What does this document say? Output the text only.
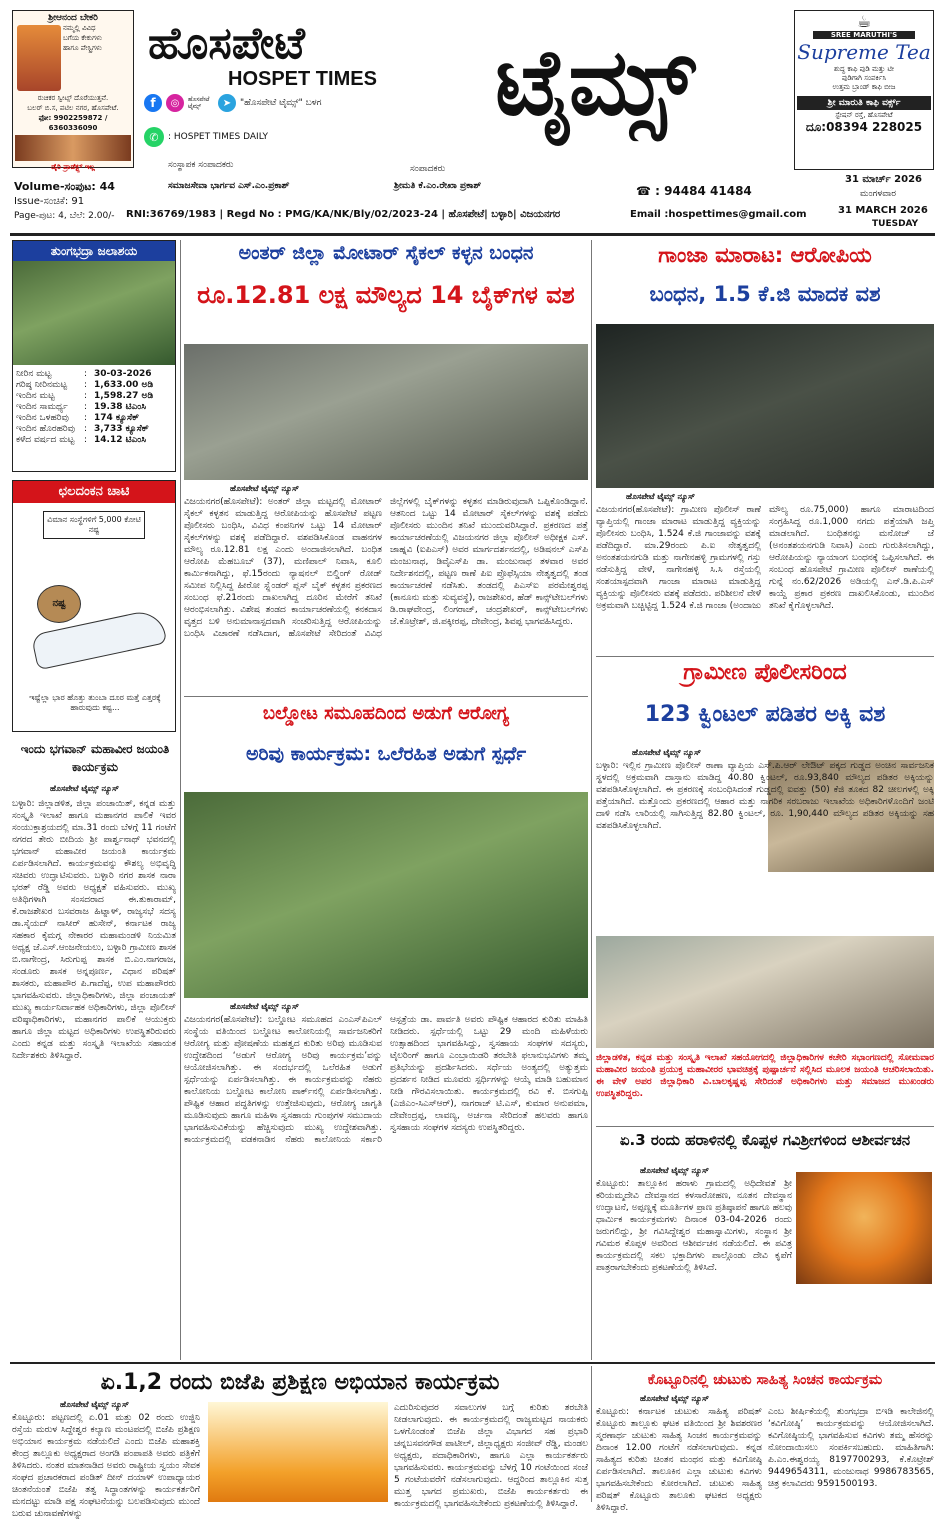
ಶ್ರೀಆನಂದ ಬೇಕರಿ
ನಮ್ಮಲ್ಲಿ ವಿವಿಧ
ಬಗೆಯ ಕೇಕುಗಳು
ಹಾಗೂ ಪೇಸ್ಟ್ರಿಗಳು
ರುಚಿಕರ ಸ್ವೀಟ್ಸ್ ದೊರೆಯುತ್ತವೆ.
ಬಲರ್‌ ಬಿ.ಸ, ಪಟಿಲ ನಗರ, ಹೊಸಪೇಟೆ.
ಫೋ: 9902259872 / 6360336090
ಡೈರಿ ಪ್ರಾಡೆಕ್ಟ್ಸ್ ಇಲ್ಲ
ಹೊಸಪೇಟೆ
HOSPET TIMES	ಟೈಮ್ಸ್
f	◎	ಹೊಸಪೇಟೆ ಟೈಮ್ಸ್	➤ "ಹೊಸಪೇಟೆ ಟೈಮ್ಸ್" ಬಳಗ
✆	: HOSPET TIMES DAILY
ಸಂಸ್ಥಾಪಕ ಸಂಪಾದಕರು
ಸಮಾಜಸೇವಾ ಭಾರ್ಗವ ಎಸ್.ಎಂ.ಪ್ರಕಾಶ್
ಸಂಪಾದಕರು
ಶ್ರೀಮತಿ ಕೆ.ಎಂ.ರೇಖಾ ಪ್ರಕಾಶ್	☎ : 94484 41484
☕
SREE MARUTHI'S
Supreme Tea
ಶುದ್ಧ ಕಾಫಿ ಪುಡಿ ಮತ್ತು ಟೀ
ಪುಡಿಗಾಗಿ ಸಂಪರ್ಕಿಸಿ
ಉತ್ತಮ ಬ್ರಾಂಡ್ ಕಾಫಿ ಬೀಜ
ಶ್ರೀ ಮಾರುತಿ ಕಾಫಿ ವರ್ಕ್ಸ್
ಸ್ಟೇಷನ್ ರಸ್ತೆ, ಹೊಸಪೇಟೆ
ದೂ:08394 228025
Volume-ಸಂಪುಟ: 44
Issue-ಸಂಚಿಕೆ: 91
Page-ಪುಟ: 4, ಬೆಲೆ: 2.00/- RNI:36769/1983 | Regd No : PMG/KA/NK/Bly/02/2023-24 | ಹೊಸಪೇಟೆ| ಬಳ್ಳಾರಿ| ವಿಜಯನಗರ	Email :hospettimes@gmail.com
31 ಮಾರ್ಚ್ 2026
ಮಂಗಳವಾರ
31 MARCH 2026
TUESDAY
ತುಂಗಭದ್ರಾ ಜಲಾಶಯ
ನೀರಿನ ಮಟ್ಟ	: 30-03-2026
ಗರಿಷ್ಠ ನೀರಿನಮಟ್ಟ	: 1,633.00 ಅಡಿ
ಇಂದಿನ ಮಟ್ಟ	: 1,598.27 ಅಡಿ
ಇಂದಿನ ಸಾಮರ್ಥ್ಯ	: 19.38 ಟಿಎಂಸಿ
ಇಂದಿನ ಒಳಹರಿವು	: 174 ಕ್ಯೂಸೆಕ್
ಇಂದಿನ ಹೊರಹರಿವು	: 3,733 ಕ್ಯೂಸೆಕ್
ಕಳೆದ ವರ್ಷದ ಮಟ್ಟ	: 14.12 ಟಿಎಂಸಿ
ಛಲದಂಕನ ಚಾಟಿ
ವಿಮಾನ ಸಂಸ್ಥೆಗಳಿಗೆ 5,000 ಕೋಟಿ ನಷ್ಟ
ನಷ್ಟ
ಇಷ್ಟೆಲ್ಲಾ ಭಾರ ಹೊತ್ತು ತುಂಬಾ ದೂರ ಮತ್ತೆ ಎತ್ತರಕ್ಕೆ ಹಾರುವುದು ಕಷ್ಟ...
ಇಂದು ಭಗವಾನ್ ಮಹಾವೀರ ಜಯಂತಿ ಕಾರ್ಯಕ್ರಮ
ಹೊಸಪೇಟೆ ಟೈಮ್ಸ್ ನ್ಯೂಸ್
ಬಳ್ಳಾರಿ: ಜಿಲ್ಲಾಡಳಿತ, ಜಿಲ್ಲಾ ಪಂಚಾಯಿತ್, ಕನ್ನಡ ಮತ್ತು ಸಂಸ್ಕೃತಿ ಇಲಾಖೆ ಹಾಗೂ ಮಹಾನಗರ ಪಾಲಿಕೆ ಇವರ ಸಂಯುಕ್ತಾಶ್ರಯದಲ್ಲಿ ಮಾ.31 ರಂದು ಬೆಳಗ್ಗೆ 11 ಗಂಟೆಗೆ ನಗರದ ತೇರು ಬೀದಿಯ ಶ್ರೀ ಪಾರ್ಶ್ವನಾಥ್ ಭವನದಲ್ಲಿ ಭಗವಾನ್ ಮಹಾವೀರ ಜಯಂತಿ ಕಾರ್ಯಕ್ರಮ ಏರ್ಪಡಿಸಲಾಗಿದೆ. ಕಾರ್ಯಕ್ರಮವನ್ನು ಕೌಶಲ್ಯ ಅಭಿವೃದ್ಧಿ ಸಚಿವರು ಉದ್ಘಾಟಿಸುವರು. ಬಳ್ಳಾರಿ ನಗರ ಶಾಸಕ ನಾರಾ ಭರತ್ ರೆಡ್ಡಿ ಅವರು ಅಧ್ಯಕ್ಷತೆ ವಹಿಸುವರು. ಮುಖ್ಯ ಅತಿಥಿಗಳಾಗಿ ಸಂಸದರಾದ ಈ.ತುಕಾರಾಮ್, ಕೆ.ರಾಜಶೇಖರ ಬಸವರಾಜ ಹಿಟ್ನಾಳ್, ರಾಜ್ಯಸಭೆ ಸದಸ್ಯ ಡಾ.ಸೈಯದ್ ನಾಸೀರ್ ಹುಸೇನ್, ಕರ್ನಾಟಕ ರಾಜ್ಯ ಸಹಕಾರ ಕೈಮಗ್ಗ ನೇಕಾರರ ಮಹಾಮಂಡಳಿ ನಿಯಮಿತ ಅಧ್ಯಕ್ಷ ಜೆ.ಎಸ್.ಆಂಜನೇಯಲು, ಬಳ್ಳಾರಿ ಗ್ರಾಮೀಣ ಶಾಸಕ ಬಿ.ನಾಗೇಂದ್ರ, ಸಿರುಗುಪ್ಪ ಶಾಸಕ ಬಿ.ಎಂ.ನಾಗರಾಜ, ಸಂಡೂರು ಶಾಸಕ ಅನ್ನಪೂರ್ಣ, ವಿಧಾನ ಪರಿಷತ್ ಶಾಸಕರು, ಮಹಾಪೌರ ಪಿ.ಗಾದೆಪ್ಪ, ಉಪ ಮಹಾಪೌರರು ಭಾಗವಹಿಸುವರು. ಜಿಲ್ಲಾಧಿಕಾರಿಗಳು, ಜಿಲ್ಲಾ ಪಂಚಾಯತ್ ಮುಖ್ಯ ಕಾರ್ಯನಿರ್ವಾಹಕ ಅಧಿಕಾರಿಗಳು, ಜಿಲ್ಲಾ ಪೊಲೀಸ್ ವರಿಷ್ಠಾಧಿಕಾರಿಗಳು, ಮಹಾನಗರ ಪಾಲಿಕೆ ಆಯುಕ್ತರು ಹಾಗೂ ಜಿಲ್ಲಾ ಮಟ್ಟದ ಅಧಿಕಾರಿಗಳು ಉಪಸ್ಥಿತರಿರುವರು ಎಂದು ಕನ್ನಡ ಮತ್ತು ಸಂಸ್ಕೃತಿ ಇಲಾಖೆಯ ಸಹಾಯಕ ನಿರ್ದೇಶಕರು ತಿಳಿಸಿದ್ದಾರೆ.
ಅಂತರ್ ಜಿಲ್ಲಾ ಮೋಟಾರ್ ಸೈಕಲ್ ಕಳ್ಳನ ಬಂಧನ
ರೂ.12.81 ಲಕ್ಷ ಮೌಲ್ಯದ 14 ಬೈಕ್‌ಗಳ ವಶ
ಹೊಸಪೇಟೆ ಟೈಮ್ಸ್ ನ್ಯೂಸ್
ವಿಜಯನಗರ(ಹೊಸಪೇಟೆ): ಅಂತರ್ ಜಿಲ್ಲಾ ಮಟ್ಟದಲ್ಲಿ ಮೋಟಾರ್ ಸೈಕಲ್ ಕಳ್ಳತನ ಮಾಡುತ್ತಿದ್ದ ಆರೋಪಿಯನ್ನು ಹೊಸಪೇಟೆ ಪಟ್ಟಣ ಪೊಲೀಸರು ಬಂಧಿಸಿ, ವಿವಿಧ ಕಂಪನಿಗಳ ಒಟ್ಟು 14 ಮೋಟಾರ್ ಸೈಕಲ್‌ಗಳನ್ನು ವಶಕ್ಕೆ ಪಡೆದಿದ್ದಾರೆ. ವಶಪಡಿಸಿಕೊಂಡ ವಾಹನಗಳ ಮೌಲ್ಯ ರೂ.12.81 ಲಕ್ಷ ಎಂದು ಅಂದಾಜಿಸಲಾಗಿದೆ. ಬಂಧಿತ ಆರೋಪಿ ಮೆಹಬೂಬ್ (37), ಮಣಿಪಾಲ್ ನಿವಾಸಿ, ಕೂಲಿ ಕಾರ್ಮಿಕನಾಗಿದ್ದು, ಫೆ.15ರಂದು ನ್ಯಾಷನಲ್ ಬಿಲ್ಡಿಂಗ್ ರೋಡ್ ಸಮೀಪ ನಿಲ್ಲಿಸಿದ್ದ ಹೀರೋ ಸ್ಪ್ಲೆಂಡರ್ ಪ್ಲಸ್ ಬೈಕ್ ಕಳ್ಳತನ ಪ್ರಕರಣದ ಸಂಬಂಧ ಫೆ.21ರಂದು ದಾಖಲಾಗಿದ್ದ ದೂರಿನ ಮೇರೆಗೆ ತನಿಖೆ ಆರಂಭಿಸಲಾಗಿತ್ತು. ವಿಶೇಷ ತಂಡದ ಕಾರ್ಯಾಚರಣೆಯಲ್ಲಿ ಕನಕದಾಸ ವೃತ್ತದ ಬಳಿ ಅನುಮಾನಾಸ್ಪದವಾಗಿ ಸಂಚರಿಸುತ್ತಿದ್ದ ಆರೋಪಿಯನ್ನು ಬಂಧಿಸಿ ವಿಚಾರಣೆ ನಡೆಸಿದಾಗ, ಹೊಸಪೇಟೆ ಸೇರಿದಂತೆ ವಿವಿಧ ಜಿಲ್ಲೆಗಳಲ್ಲಿ ಬೈಕ್‌ಗಳನ್ನು ಕಳ್ಳತನ ಮಾಡಿರುವುದಾಗಿ ಒಪ್ಪಿಕೊಂಡಿದ್ದಾನೆ. ಆತನಿಂದ ಒಟ್ಟು 14 ಮೋಟಾರ್ ಸೈಕಲ್‌ಗಳನ್ನು ವಶಕ್ಕೆ ಪಡೆದು ಪೊಲೀಸರು ಮುಂದಿನ ತನಿಖೆ ಮುಂದುವರಿಸಿದ್ದಾರೆ. ಪ್ರಕರಣದ ಪತ್ತೆ ಕಾರ್ಯಾಚರಣೆಯಲ್ಲಿ ವಿಜಯನಗರ ಜಿಲ್ಲಾ ಪೊಲೀಸ್ ಅಧೀಕ್ಷಕ ಎಸ್. ಜಾಹ್ನವಿ (ಐಪಿಎಸ್) ಅವರ ಮಾರ್ಗದರ್ಶನದಲ್ಲಿ, ಅಡಿಷನಲ್ ಎಸ್‌ಪಿ ಮಂಜುನಾಥ, ಡಿವೈಎಸ್‌ಪಿ ಡಾ. ಮಂಜುನಾಥ ತಳವಾರ ಅವರ ನಿರ್ದೇಶನದಲ್ಲಿ, ಪಟ್ಟಣ ಠಾಣೆ ಪಿಐ ಪ್ರೊಫೆಸ್ಸಿಯಾ ನೇತೃತ್ವದಲ್ಲಿ ತಂಡ ಕಾರ್ಯಾಚರಣೆ ನಡೆಸಿತು. ತಂಡದಲ್ಲಿ ಪಿಎಸ್‌ಐ ಪರಮೇಶ್ವರಪ್ಪ (ಕಾನೂನು ಮತ್ತು ಸುವ್ಯವಸ್ಥೆ), ರಾಜಶೇಖರ, ಹೆಡ್ ಕಾನ್ಸ್‌ಟೇಬಲ್‌ಗಳು ಡಿ.ರಾಘವೇಂದ್ರ, ಲಿಂಗರಾಜ್, ಚಂದ್ರಶೇಖರ್, ಕಾನ್ಸ್‌ಟೇಬಲ್‌ಗಳು ಜೆ.ಕೊಟ್ರೇಶ್, ಜಿ.ಪಕ್ಕೀರಪ್ಪ, ದೇವೇಂದ್ರ, ಶಿವಪ್ಪ ಭಾಗವಹಿಸಿದ್ದರು.
ಬಲ್ಡೋಟ ಸಮೂಹದಿಂದ ಅಡುಗೆ ಆರೋಗ್ಯ
ಅರಿವು ಕಾರ್ಯಕ್ರಮ: ಒಲೆರಹಿತ ಅಡುಗೆ ಸ್ಪರ್ಧೆ
ಹೊಸಪೇಟೆ ಟೈಮ್ಸ್ ನ್ಯೂಸ್
ವಿಜಯನಗರ(ಹೊಸಪೇಟೆ): ಬಲ್ಡೋಟ ಸಮೂಹದ ಎಂಎಸ್‌ಪಿಎಲ್ ಸಂಸ್ಥೆಯ ವತಿಯಿಂದ ಬಲ್ಡೋಟ ಕಾಲೋನಿಯಲ್ಲಿ ಸಾರ್ವಜನಿಕರಿಗೆ ಆರೋಗ್ಯ ಮತ್ತು ಪೋಷಣೆಯ ಮಹತ್ವದ ಕುರಿತು ಅರಿವು ಮೂಡಿಸುವ ಉದ್ದೇಶದಿಂದ ‘ಅಡುಗೆ ಆರೋಗ್ಯ ಅರಿವು ಕಾರ್ಯಕ್ರಮ’ವನ್ನು ಆಯೋಜಿಸಲಾಗಿತ್ತು. ಈ ಸಂದರ್ಭದಲ್ಲಿ ಒಲೆರಹಿತ ಅಡುಗೆ ಸ್ಪರ್ಧೆಯನ್ನು ಏರ್ಪಡಿಸಲಾಗಿತ್ತು. ಈ ಕಾರ್ಯಕ್ರಮವನ್ನು ನೆಹರು ಕಾಲೋನಿಯ ಬಲ್ಡೋಟ ಕಾಲೋನಿ ಪಾರ್ಕ್‌ನಲ್ಲಿ ಏರ್ಪಡಿಸಲಾಗಿತ್ತು. ಪೌಷ್ಟಿಕ ಆಹಾರ ಪದ್ಧತಿಗಳನ್ನು ಉತ್ತೇಜಿಸುವುದು, ಆರೋಗ್ಯ ಜಾಗೃತಿ ಮೂಡಿಸುವುದು ಹಾಗೂ ಮಹಿಳಾ ಸ್ವಸಹಾಯ ಗುಂಪುಗಳ ಸಮುದಾಯ ಭಾಗವಹಿಸುವಿಕೆಯನ್ನು ಹೆಚ್ಚಿಸುವುದು ಮುಖ್ಯ ಉದ್ದೇಶವಾಗಿತ್ತು. ಕಾರ್ಯಕ್ರಮದಲ್ಲಿ ವಡಕನಾಡಿನ ನೆಹರು ಕಾಲೋನಿಯ ಸರ್ಕಾರಿ ಆಸ್ಪತ್ರೆಯ ಡಾ. ಪಾರ್ವತಿ ಅವರು ಪೌಷ್ಟಿಕ ಆಹಾರದ ಕುರಿತು ಮಾಹಿತಿ ನೀಡಿದರು. ಸ್ಪರ್ಧೆಯಲ್ಲಿ ಒಟ್ಟು 29 ಮಂದಿ ಮಹಿಳೆಯರು ಉತ್ಸಾಹದಿಂದ ಭಾಗವಹಿಸಿದ್ದು, ಸ್ವಸಹಾಯ ಸಂಘಗಳ ಸದಸ್ಯರು, ಟೈಲರಿಂಗ್ ಹಾಗೂ ಎಂಬ್ರಾಯಿಡರಿ ತರಬೇತಿ ಫಲಾನುಭವಿಗಳು ತಮ್ಮ ಪ್ರತಿಭೆಯನ್ನು ಪ್ರದರ್ಶಿಸಿದರು. ಸರ್ಧೆಯ ಅಂತ್ಯದಲ್ಲಿ ಅತ್ಯುತ್ತಮ ಪ್ರದರ್ಶನ ನೀಡಿದ ಮೂವರು ಸ್ಪರ್ಧಿಗಳನ್ನು ಆಯ್ಕೆ ಮಾಡಿ ಬಹುಮಾನ ನೀಡಿ ಗೌರವಿಸಲಾಯಿತು. ಕಾರ್ಯಕ್ರಮದಲ್ಲಿ ರವಿ ಕೆ. ಬಿಸಗುಪ್ಪಿ (ಎಜಿಎಂ-ಸಿಎಸ್‌ಆರ್), ನಾಗರಾಜ್ ಟಿ.ಎಸ್, ಕುಮಾರ ಅನುಪಮಾ, ದೇವೇಂದ್ರಪ್ಪ, ಲಾವಣ್ಯ, ಅರ್ಚನಾ ಸೇರಿದಂತೆ ಹಲವರು ಹಾಗೂ ಸ್ವಸಹಾಯ ಸಂಘಗಳ ಸದಸ್ಯರು ಉಪಸ್ಥಿತರಿದ್ದರು.
ಗಾಂಜಾ ಮಾರಾಟ: ಆರೋಪಿಯ
ಬಂಧನ, 1.5 ಕೆ.ಜಿ ಮಾದಕ ವಶ
ಹೊಸಪೇಟೆ ಟೈಮ್ಸ್ ನ್ಯೂಸ್
ವಿಜಯನಗರ(ಹೊಸಪೇಟೆ): ಗ್ರಾಮೀಣ ಪೊಲೀಸ್ ಠಾಣೆ ವ್ಯಾಪ್ತಿಯಲ್ಲಿ ಗಾಂಜಾ ಮಾರಾಟ ಮಾಡುತ್ತಿದ್ದ ವ್ಯಕ್ತಿಯನ್ನು ಪೊಲೀಸರು ಬಂಧಿಸಿ, 1.524 ಕೆ.ಜಿ ಗಾಂಜಾವನ್ನು ವಶಕ್ಕೆ ಪಡೆದಿದ್ದಾರೆ. ಮಾ.29ರಂದು ಪಿ.ಐ ನೇತೃತ್ವದಲ್ಲಿ ಅನಂತಶಯನಗುಡಿ ಮತ್ತು ನಾಗೇನಹಳ್ಳಿ ಗ್ರಾಮಗಳಲ್ಲಿ ಗಸ್ತು ನಡೆಸುತ್ತಿದ್ದ ವೇಳೆ, ನಾಗೇನಹಳ್ಳಿ ಸಿ.ಸಿ ರಸ್ತೆಯಲ್ಲಿ ಸಂಶಯಾಸ್ಪದವಾಗಿ ಗಾಂಜಾ ಮಾರಾಟ ಮಾಡುತ್ತಿದ್ದ ವ್ಯಕ್ತಿಯನ್ನು ಪೊಲೀಸರು ವಶಕ್ಕೆ ಪಡೆದರು. ಪರಿಶೀಲನೆ ವೇಳೆ ಅಕ್ರಮವಾಗಿ ಬಚ್ಚಿಟ್ಟಿದ್ದ 1.524 ಕೆ.ಜಿ ಗಾಂಜಾ (ಅಂದಾಜು ಮೌಲ್ಯ ರೂ.75,000) ಹಾಗೂ ಮಾರಾಟದಿಂದ ಸಂಗ್ರಹಿಸಿದ್ದ ರೂ.1,000 ನಗದು ಪತ್ತೆಯಾಗಿ ಜಪ್ತಿ ಮಾಡಲಾಗಿದೆ. ಬಂಧಿತನನ್ನು ಮನೋಜ್ ಜೆ (ಅನಂತಶಯನಗುಡಿ ನಿವಾಸಿ) ಎಂದು ಗುರುತಿಸಲಾಗಿದ್ದು, ಆರೋಪಿಯನ್ನು ನ್ಯಾಯಾಂಗ ಬಂಧನಕ್ಕೆ ಒಪ್ಪಿಸಲಾಗಿದೆ. ಈ ಸಂಬಂಧ ಹೊಸಪೇಟೆ ಗ್ರಾಮೀಣ ಪೊಲೀಸ್ ಠಾಣೆಯಲ್ಲಿ ಗುನ್ನೆ ನಂ.62/2026 ಅಡಿಯಲ್ಲಿ ಎನ್.ಡಿ.ಪಿ.ಎಸ್ ಕಾಯ್ದೆ ಪ್ರಕಾರ ಪ್ರಕರಣ ದಾಖಲಿಸಿಕೊಂಡು, ಮುಂದಿನ ತನಿಖೆ ಕೈಗೊಳ್ಳಲಾಗಿದೆ.
ಗ್ರಾಮೀಣ ಪೊಲೀಸರಿಂದ
123 ಕ್ವಿಂಟಲ್ ಪಡಿತರ ಅಕ್ಕಿ ವಶ
ಹೊಸಪೇಟೆ ಟೈಮ್ಸ್ ನ್ಯೂಸ್
ಬಳ್ಳಾರಿ: ಇಲ್ಲಿನ ಗ್ರಾಮೀಣ ಪೊಲೀಸ್ ಠಾಣಾ ವ್ಯಾಪ್ತಿಯ ಎಸ್.ಪಿ.ಆರ್ ಲೇಔಟ್ ಪಕ್ಕದ ಗುಡ್ಡದ ಅಂಚಿನ ಸಾರ್ವಜನಿಕ ಸ್ಥಳದಲ್ಲಿ ಅಕ್ರಮವಾಗಿ ದಾಸ್ತಾನು ಮಾಡಿದ್ದ 40.80 ಕ್ವಿಂಟಲ್, ರೂ.93,840 ಮೌಲ್ಯದ ಪಡಿತರ ಅಕ್ಕಿಯನ್ನು ವಶಪಡಿಸಿಕೊಳ್ಳಲಾಗಿದೆ. ಈ ಪ್ರಕರಣಕ್ಕೆ ಸಂಬಂಧಿಸಿದಂತೆ ಗುಡ್ಡದಲ್ಲಿ ಐವತ್ತು (50) ಕೆಜಿ ತೂಕದ 82 ಚೀಲಗಳಲ್ಲಿ ಅಕ್ಕಿ ಪತ್ತೆಯಾಗಿದೆ. ಮತ್ತೊಂದು ಪ್ರಕರಣದಲ್ಲಿ ಆಹಾರ ಮತ್ತು ನಾಗರಿಕ ಸರಬರಾಜು ಇಲಾಖೆಯ ಅಧಿಕಾರಿಗಳೊಂದಿಗೆ ಜಂಟಿ ದಾಳಿ ನಡೆಸಿ ಲಾರಿಯಲ್ಲಿ ಸಾಗಿಸುತ್ತಿದ್ದ 82.80 ಕ್ವಿಂಟಲ್, ರೂ. 1,90,440 ಮೌಲ್ಯದ ಪಡಿತರ ಅಕ್ಕಿಯನ್ನು ಸಹ ವಶಪಡಿಸಿಕೊಳ್ಳಲಾಗಿದೆ.
ಜಿಲ್ಲಾಡಳಿತ, ಕನ್ನಡ ಮತ್ತು ಸಂಸ್ಕೃತಿ ಇಲಾಖೆ ಸಹಯೋಗದಲ್ಲಿ ಜಿಲ್ಲಾಧಿಕಾರಿಗಳ ಕಚೇರಿ ಸಭಾಂಗಣದಲ್ಲಿ ಸೋಮವಾರ ಮಹಾವೀರ ಜಯಂತಿ ಪ್ರಯುಕ್ತ ಮಹಾವೀರರ ಭಾವಚಿತ್ರಕ್ಕೆ ಪುಷ್ಪಾರ್ಚನೆ ಸಲ್ಲಿಸಿದ ಮೂಲಕ ಜಯಂತಿ ಆಚರಿಸಲಾಯಿತು. ಈ ವೇಳೆ ಅಪರ ಜಿಲ್ಲಾಧಿಕಾರಿ ವಿ.ಬಾಲಕೃಷ್ಣಪ್ಪ ಸೇರಿದಂತೆ ಅಧಿಕಾರಿಗಳು ಮತ್ತು ಸಮಾಜದ ಮುಖಂಡರು ಉಪಸ್ಥಿತರಿದ್ದರು.
ಏ.3 ರಂದು ಹರಾಳಿನಲ್ಲಿ ಕೊಪ್ಪಳ ಗವಿಶ್ರೀಗಳಿಂದ ಆಶೀರ್ವಚನ
ಹೊಸಪೇಟೆ ಟೈಮ್ಸ್ ನ್ಯೂಸ್
ಕೊಟ್ಟೂರು: ತಾಲ್ಲೂಕಿನ ಹರಾಳು ಗ್ರಾಮದಲ್ಲಿ ಅಧಿದೇವತೆ ಶ್ರೀ ಕರಿಯಮ್ಮದೇವಿ ದೇವಸ್ಥಾನದ ಕಳಸಾರೋಹಣ, ನೂತನ ದೇವಸ್ಥಾನ ಉದ್ಘಾಟನೆ, ಅಪ್ಪಣ್ಣಕ್ಕೆ ಮೂರ್ತಿಗಳ ಪ್ರಾಣ ಪ್ರತಿಷ್ಠಾಪನೆ ಹಾಗೂ ಹಲವು ಧಾರ್ಮಿಕ ಕಾರ್ಯಕ್ರಮಗಳು ದಿನಾಂಕ 03-04-2026 ರಂದು ಜರುಗಲಿದ್ದು, ಶ್ರೀ ಗವಿಸಿದ್ದೇಶ್ವರ ಮಹಾಸ್ವಾಮಿಗಳು, ಸಂಸ್ಥಾನ ಶ್ರೀ ಗವಿಮಠ ಕೊಪ್ಪಳ ಅವರಿಂದ ಆಶೀರ್ವಚನ ನಡೆಯಲಿದೆ. ಈ ಪವಿತ್ರ ಕಾರ್ಯಕ್ರಮದಲ್ಲಿ ಸಕಲ ಭಕ್ತಾದಿಗಳು ಪಾಲ್ಗೊಂಡು ದೇವಿ ಕೃಪೆಗೆ ಪಾತ್ರರಾಗಬೇಕೆಂದು ಪ್ರಕಟಣೆಯಲ್ಲಿ ತಿಳಿಸಿದೆ.
ಏ.1,2 ರಂದು ಬಿಜೆಪಿ ಪ್ರಶಿಕ್ಷಣ ಅಭಿಯಾನ ಕಾರ್ಯಕ್ರಮ
ಹೊಸಪೇಟೆ ಟೈಮ್ಸ್ ನ್ಯೂಸ್
ಕೊಟ್ಟೂರು: ಪಟ್ಟಣದಲ್ಲಿ ಏ.01 ಮತ್ತು 02 ರಂದು ಉಜ್ಜಿನಿ ರಸ್ತೆಯ ಮರುಳ ಸಿದ್ದೇಶ್ವರ ಕಲ್ಯಾಣ ಮಂಟಪದಲ್ಲಿ ಬಿಜೆಪಿ ಪ್ರಶಿಕ್ಷಣ ಅಭಿಯಾನ ಕಾರ್ಯಕ್ರಮ ನಡೆಯಲಿದೆ ಎಂದು ಬಿಜೆಪಿ ಮಹಾಶಕ್ತಿ ಕೇಂದ್ರ ತಾಲ್ಲೂಕು ಅಧ್ಯಕ್ಷರಾದ ಅಂಗಡಿ ಪಂಪಾಪತಿ ಅವರು ಪತ್ರಿಕೆಗೆ ತಿಳಿಸಿದರು. ನಂತರ ಮಾತನಾಡಿದ ಅವರು ರಾಷ್ಟ್ರೀಯ ಸ್ವಯಂ ಸೇವಕ ಸಂಘದ ಪ್ರಚಾರಕರಾದ ಪಂಡಿತ್ ದೀನ್ ದಯಾಳ್ ಉಪಾಧ್ಯಾಯರ ಚಿಂತನೆಯಂತೆ ಬಿಜೆಪಿ ತತ್ವ ಸಿದ್ಧಾಂತಗಳನ್ನು ಕಾರ್ಯಕರ್ತರಿಗೆ ಮನದಟ್ಟು ಮಾಡಿ ಪಕ್ಷ ಸಂಘಟನೆಯನ್ನು ಬಲಪಡಿಸುವುದು ಮುಂದೆ ಬರುವ ಚುನಾವಣೆಗಳನ್ನು
ಎದುರಿಸುವುದರ ಸವಾಲುಗಳ ಬಗ್ಗೆ ಕುರಿತು ತರಬೇತಿ ನೀಡಲಾಗುವುದು. ಈ ಕಾರ್ಯಕ್ರಮದಲ್ಲಿ ರಾಜ್ಯಮಟ್ಟದ ನಾಯಕರು ಒಳಗೊಂಡಂತೆ ಬಿಜೆಪಿ ಜಿಲ್ಲಾ ವಿಭಾಗದ ಸಹ ಪ್ರಭಾರಿ ಚನ್ನಬಸವನಗೌಡ ಪಾಟೀಲ್, ಜಿಲ್ಲಾಧ್ಯಕ್ಷರು ಸಂಜೀವ್ ರೆಡ್ಡಿ, ಮಂಡಲ ಅಧ್ಯಕ್ಷರು, ಪದಾಧಿಕಾರಿಗಳು, ಹಾಗೂ ಎಲ್ಲಾ ಕಾರ್ಯಕರ್ತರು ಭಾಗವಹಿಸುವರು. ಕಾರ್ಯಕ್ರಮವನ್ನು ಬೆಳಗ್ಗೆ 10 ಗಂಟೆಯಿಂದ ಸಂಜೆ 5 ಗಂಟೆಯವರೆಗೆ ನಡೆಸಲಾಗುವುದು. ಆದ್ದರಿಂದ ತಾಲ್ಲೂಕಿನ ಸುತ್ತ ಮುತ್ತ ಭಾಗದ ಪ್ರಮುಖರು, ಬಿಜೆಪಿ ಕಾರ್ಯಕರ್ತರು ಈ ಕಾರ್ಯಕ್ರಮದಲ್ಲಿ ಭಾಗವಹಿಸಬೇಕೆಂದು ಪ್ರಕಟಣೆಯಲ್ಲಿ ತಿಳಿಸಿದ್ದಾರೆ.
ಕೊಟ್ಟೂರಿನಲ್ಲಿ ಚುಟುಕು ಸಾಹಿತ್ಯ ಸಿಂಚನ ಕಾರ್ಯಕ್ರಮ
ಹೊಸಪೇಟೆ ಟೈಮ್ಸ್ ನ್ಯೂಸ್
ಕೊಟ್ಟೂರು: ಕರ್ನಾಟಕ ಚುಟುಕು ಸಾಹಿತ್ಯ ಪರಿಷತ್ ಕೊಟ್ಟೂರು ತಾಲ್ಲೂಕು ಘಟಕ ವತಿಯಿಂದ ಶ್ರೀ ಶಿವಶರಣರ ಸ್ಮರಣಾರ್ಥ ಚುಟುಕು ಸಾಹಿತ್ಯ ಸಿಂಚನ ಕಾರ್ಯಕ್ರಮವನ್ನು ದಿನಾಂಕ 12.00 ಗಂಟೆಗೆ ನಡೆಸಲಾಗುವುದು. ಕನ್ನಡ ಸಾಹಿತ್ಯದ ಕುರಿತು ಚಿಂತನ ಮಂಥನ ಮತ್ತು ಕವಿಗೋಷ್ಠಿ ಏರ್ಪಡಿಸಲಾಗಿದೆ. ತಾಲೂಕಿನ ಎಲ್ಲಾ ಚುಟುಕು ಕವಿಗಳು ಭಾಗವಹಿಸಬೇಕೆಂದು ಕೋರಲಾಗಿದೆ. ಚುಟುಕು ಸಾಹಿತ್ಯ ಪರಿಷತ್ ಕೊಟ್ಟೂರು ತಾಲೂಕು ಘಟಕದ ಅಧ್ಯಕ್ಷರು ತಿಳಿಸಿದ್ದಾರೆ.
ಎಂಬ ಶೀರ್ಷಿಕೆಯಲ್ಲಿ ತುಂಗಭದ್ರಾ ಬಿಇಡಿ ಕಾಲೇಜಿನಲ್ಲಿ ‘ಕವಿಗೋಷ್ಠಿ’ ಕಾರ್ಯಕ್ರಮವನ್ನು ಆಯೋಜಿಸಲಾಗಿದೆ. ಕವಿಗೋಷ್ಠಿಯಲ್ಲಿ ಭಾಗವಹಿಸುವ ಕವಿಗಳು ತಮ್ಮ ಹೆಸರನ್ನು ನೋಂದಾಯಿಸಲು ಸಂಪರ್ಕಿಸಬಹುದು. ಮಾಹಿತಿಗಾಗಿ: ಪಿ.ಎಂ.ಈಶ್ವರಯ್ಯ 8197700293, ಕೆ.ಕೊಟ್ರೇಶ್ 9449654311, ಮಂಜುನಾಥ 9986783565, ಚಿತ್ರ ಕಲಾವಿದರು 9591500193.
